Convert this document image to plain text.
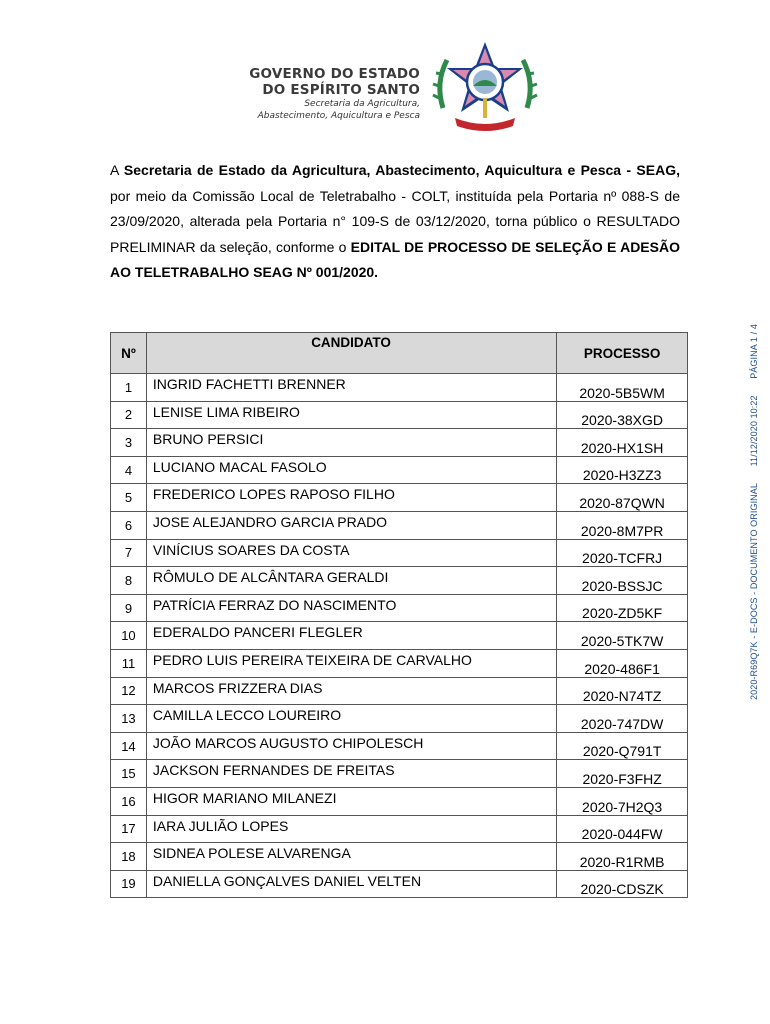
GOVERNO DO ESTADO
DO ESPÍRITO SANTO
Secretaria da Agricultura,
Abastecimento, Aquicultura e Pesca
A Secretaria de Estado da Agricultura, Abastecimento, Aquicultura e Pesca - SEAG, por meio da Comissão Local de Teletrabalho - COLT, instituída pela Portaria nº 088-S de 23/09/2020, alterada pela Portaria n° 109-S de 03/12/2020, torna público o RESULTADO PRELIMINAR da seleção, conforme o EDITAL DE PROCESSO DE SELEÇÃO E ADESÃO AO TELETRABALHO SEAG Nº 001/2020.
Nº	CANDIDATO	PROCESSO
1	INGRID FACHETTI BRENNER	2020-5B5WM
2	LENISE LIMA RIBEIRO	2020-38XGD
3	BRUNO PERSICI	2020-HX1SH
4	LUCIANO MACAL FASOLO	2020-H3ZZ3
5	FREDERICO LOPES RAPOSO FILHO	2020-87QWN
6	JOSE ALEJANDRO GARCIA PRADO	2020-8M7PR
7	VINÍCIUS SOARES DA COSTA	2020-TCFRJ
8	RÔMULO DE ALCÂNTARA GERALDI	2020-BSSJC
9	PATRÍCIA FERRAZ DO NASCIMENTO	2020-ZD5KF
10	EDERALDO PANCERI FLEGLER	2020-5TK7W
11	PEDRO LUIS PEREIRA TEIXEIRA DE CARVALHO	2020-486F1
12	MARCOS FRIZZERA DIAS	2020-N74TZ
13	CAMILLA LECCO LOUREIRO	2020-747DW
14	JOÃO MARCOS AUGUSTO CHIPOLESCH	2020-Q791T
15	JACKSON FERNANDES DE FREITAS	2020-F3FHZ
16	HIGOR MARIANO MILANEZI	2020-7H2Q3
17	IARA JULIÃO LOPES	2020-044FW
18	SIDNEA POLESE ALVARENGA	2020-R1RMB
19	DANIELLA GONÇALVES DANIEL VELTEN	2020-CDSZK
2020-R69Q7K - E-DOCS - DOCUMENTO ORIGINAL 11/12/2020 10:22 PÁGINA 1 / 4
